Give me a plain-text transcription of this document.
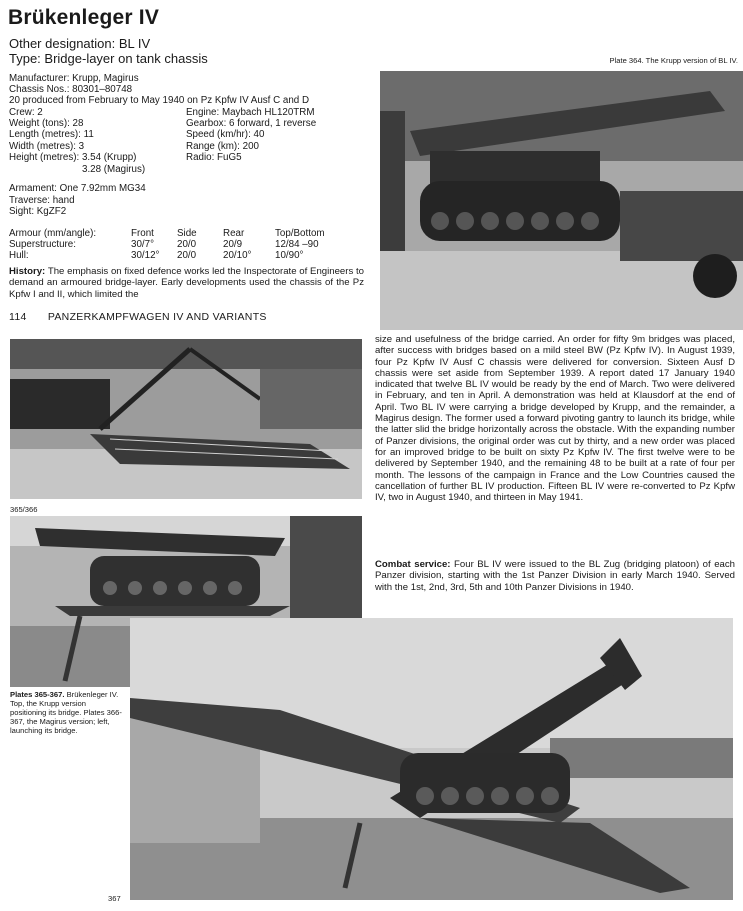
Brükenleger IV
Other designation: BL IV
Type: Bridge-layer on tank chassis
Manufacturer: Krupp, Magirus
Chassis Nos.: 80301–80748
20 produced from February to May 1940 on Pz Kpfw IV Ausf C and D
Crew: 2	Engine: Maybach HL120TRM
Weight (tons): 28	Gearbox: 6 forward, 1 reverse
Length (metres): 11	Speed (km/hr): 40
Width (metres): 3	Range (km): 200
Height (metres): 3.54 (Krupp)	Radio: FuG5
3.28 (Magirus)
Armament: One 7.92mm MG34
Traverse: hand
Sight: KgZF2
Armour (mm/angle):	Front	Side	Rear	Top/Bottom
Superstructure:	30/7°	20/0	20/9	12/84 –90
Hull:	30/12°	20/0	20/10°	10/90°
History: The emphasis on fixed defence works led the Inspectorate of Engineers to demand an armoured bridge-layer. Early developments used the chassis of the Pz Kpfw I and II, which limited the
114 PANZERKAMPFWAGEN IV AND VARIANTS
Plate 364. The Krupp version of BL IV.
365/366
Plates 365-367. Brükenleger IV. Top, the Krupp version positioning its bridge. Plates 366-367, the Magirus version; left, launching its bridge.
size and usefulness of the bridge carried. An order for fifty 9m bridges was placed, after success with bridges based on a mild steel BW (Pz Kpfw IV). In August 1939, four Pz Kpfw IV Ausf C chassis were delivered for conversion. Sixteen Ausf D chassis were set aside from September 1939. A report dated 17 January 1940 indicated that twelve BL IV would be ready by the end of March. Two were delivered in February, and ten in April. A demonstration was held at Klausdorf at the end of April. Two BL IV were carrying a bridge developed by Krupp, and the remainder, a Magirus design. The former used a forward pivoting gantry to launch its bridge, while the latter slid the bridge horizontally across the obstacle. With the expanding number of Panzer divisions, the original order was cut by thirty, and a new order was placed for an improved bridge to be built on sixty Pz Kpfw IV. The first twelve were to be delivered by September 1940, and the remaining 48 to be built at a rate of four per month. The lessons of the campaign in France and the Low Countries caused the cancellation of further BL IV production. Fifteen BL IV were re-converted to Pz Kpfw IV, two in August 1940, and thirteen in May 1941.
Combat service: Four BL IV were issued to the BL Zug (bridging platoon) of each Panzer division, starting with the 1st Panzer Division in early March 1940. Served with the 1st, 2nd, 3rd, 5th and 10th Panzer Divisions in 1940.
367
